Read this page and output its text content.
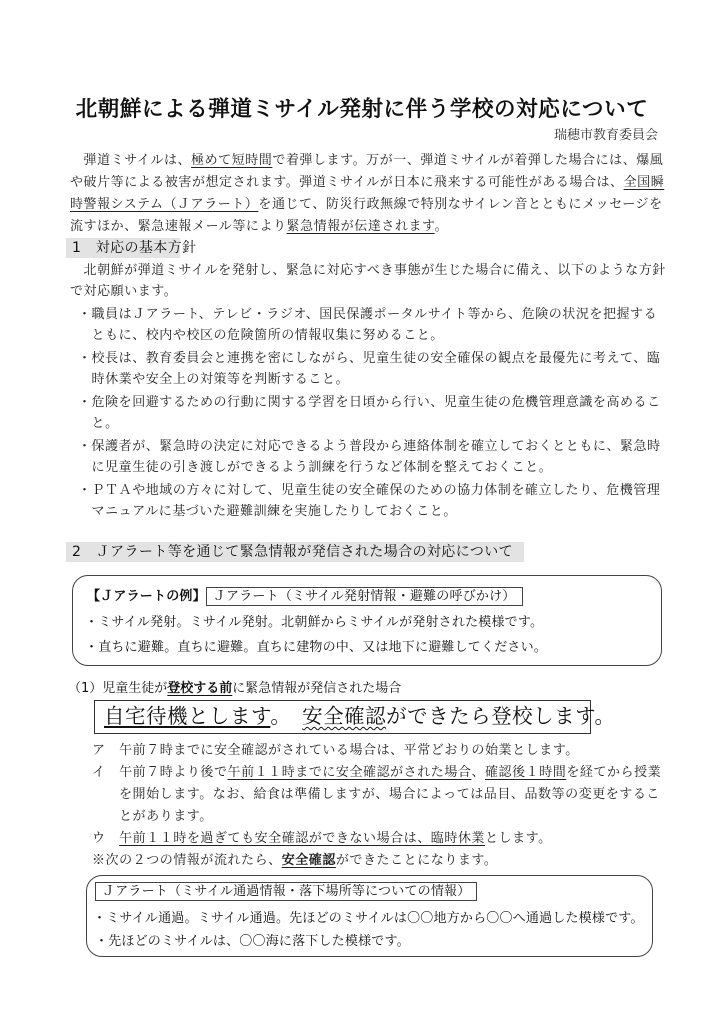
北朝鮮による弾道ミサイル発射に伴う学校の対応について
瑞穂市教育委員会
　弾道ミサイルは、極めて短時間で着弾します。万が一、弾道ミサイルが着弾した場合には、爆風
や破片等による被害が想定されます。弾道ミサイルが日本に飛来する可能性がある場合は、全国瞬
時警報システム（Ｊアラート）を通じて、防災行政無線で特別なサイレン音とともにメッセージを
流すほか、緊急速報メール等により緊急情報が伝達されます。
1　対応の基本方針
　北朝鮮が弾道ミサイルを発射し、緊急に対応すべき事態が生じた場合に備え、以下のような方針
で対応願います。
・職員はＪアラート、テレビ・ラジオ、国民保護ポータルサイト等から、危険の状況を把握する
　ともに、校内や校区の危険箇所の情報収集に努めること。
・校長は、教育委員会と連携を密にしながら、児童生徒の安全確保の観点を最優先に考えて、臨
　時休業や安全上の対策等を判断すること。
・危険を回避するための行動に関する学習を日頃から行い、児童生徒の危機管理意識を高めるこ
　と。
・保護者が、緊急時の決定に対応できるよう普段から連絡体制を確立しておくとともに、緊急時
　に児童生徒の引き渡しができるよう訓練を行うなど体制を整えておくこと。
・ＰＴＡや地域の方々に対して、児童生徒の安全確保のための協力体制を確立したり、危機管理
　マニュアルに基づいた避難訓練を実施したりしておくこと。
2　Ｊアラート等を通じて緊急情報が発信された場合の対応について
【Ｊアラートの例】 Ｊアラート（ミサイル発射情報・避難の呼びかけ）
・ミサイル発射。ミサイル発射。北朝鮮からミサイルが発射された模様です。
・直ちに避難。直ちに避難。直ちに建物の中、又は地下に避難してください。
（1）児童生徒が登校する前に緊急情報が発信された場合
自宅待機とします。　安全確認ができたら登校します。
ア　 午前７時までに安全確認がされている場合は、平常どおりの始業とします。
イ　 午前７時より後で午前１１時までに安全確認がされた場合、確認後１時間を経てから授業
を開始します。なお、給食は準備しますが、場合によっては品目、品数等の変更をするこ
とがあります。
ウ　 午前１１時を過ぎても安全確認ができない場合は、臨時休業とします。
※次の２つの情報が流れたら、安全確認ができたことになります。
Ｊアラート（ミサイル通過情報・落下場所等についての情報）
・ミサイル通過。ミサイル通過。先ほどのミサイルは〇〇地方から〇〇へ通過した模様です。
・先ほどのミサイルは、〇〇海に落下した模様です。
